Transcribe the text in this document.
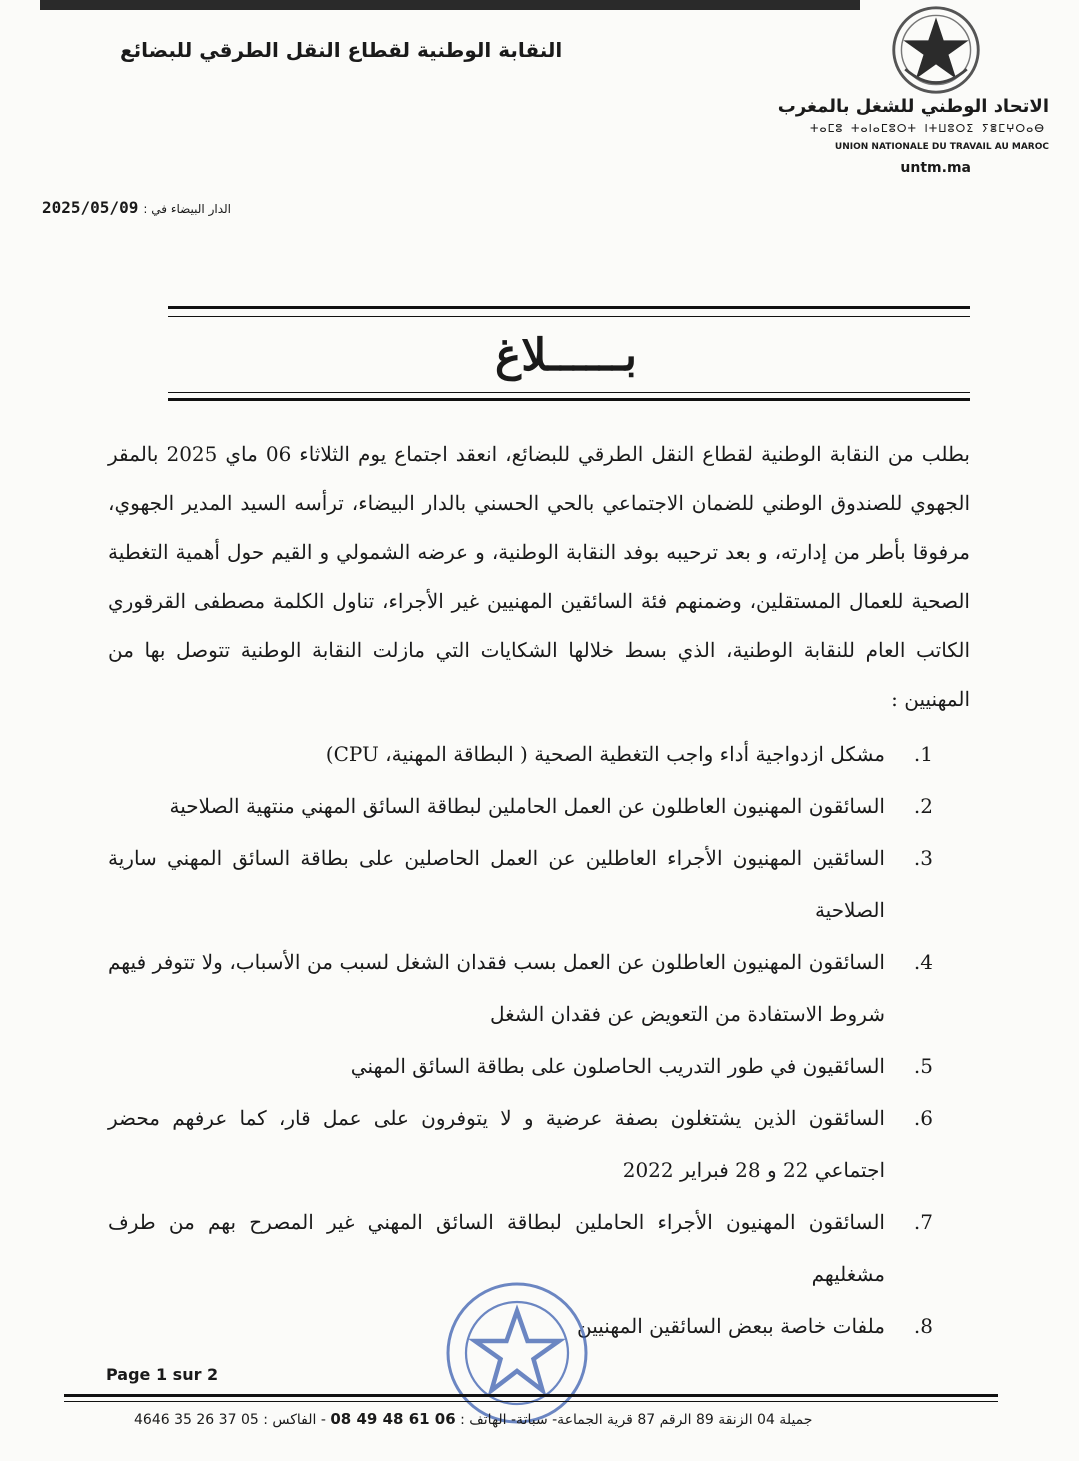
النقابة الوطنية لقطاع النقل الطرقي للبضائع
الاتحاد الوطني للشغل بالمغرب
ⵜⴰⵎⵓ ⵜⴰⵏⴰⵎⵓⵔⵜ ⵏⵜⵡⵓⵔⵉ ⵢⴻⵎⵖⵔⴰⴱ
UNION NATIONALE DU TRAVAIL AU MAROC
untm.ma
الدار البيضاء في : 2025/05/09
بــــــلاغ
بطلب من النقابة الوطنية لقطاع النقل الطرقي للبضائع، انعقد اجتماع يوم الثلاثاء 06 ماي 2025 بالمقر الجهوي للصندوق الوطني للضمان الاجتماعي بالحي الحسني بالدار البيضاء، ترأسه السيد المدير الجهوي، مرفوقا بأطر من إدارته، و بعد ترحيبه بوفد النقابة الوطنية، و عرضه الشمولي و القيم حول أهمية التغطية الصحية للعمال المستقلين، وضمنهم فئة السائقين المهنيين غير الأجراء، تناول الكلمة مصطفى القرقوري الكاتب العام للنقابة الوطنية، الذي بسط خلالها الشكايات التي مازلت النقابة الوطنية تتوصل بها من المهنيين :
1.
مشكل ازدواجية أداء واجب التغطية الصحية ( البطاقة المهنية، CPU)
2.
السائقون المهنيون العاطلون عن العمل الحاملين لبطاقة السائق المهني منتهية الصلاحية
3.
السائقين المهنيون الأجراء العاطلين عن العمل الحاصلين على بطاقة السائق المهني سارية الصلاحية
4.
السائقون المهنيون العاطلون عن العمل بسب فقدان الشغل لسبب من الأسباب، ولا تتوفر فيهم شروط الاستفادة من التعويض عن فقدان الشغل
5.
السائقيون في طور التدريب الحاصلون على بطاقة السائق المهني
6.
السائقون الذين يشتغلون بصفة عرضية و لا يتوفرون على عمل قار، كما عرفهم محضر اجتماعي 22 و 28 فبراير 2022
7.
السائقون المهنيون الأجراء الحاملين لبطاقة السائق المهني غير المصرح بهم من طرف مشغليهم
8.
ملفات خاصة ببعض السائقين المهنيين
Page 1 sur 2
جميلة 04 الزنقة 89 الرقم 87 قرية الجماعة- سباتة- الهاتف : 06 61 48 49 08 - الفاكس : 05 37 26 35 4646
